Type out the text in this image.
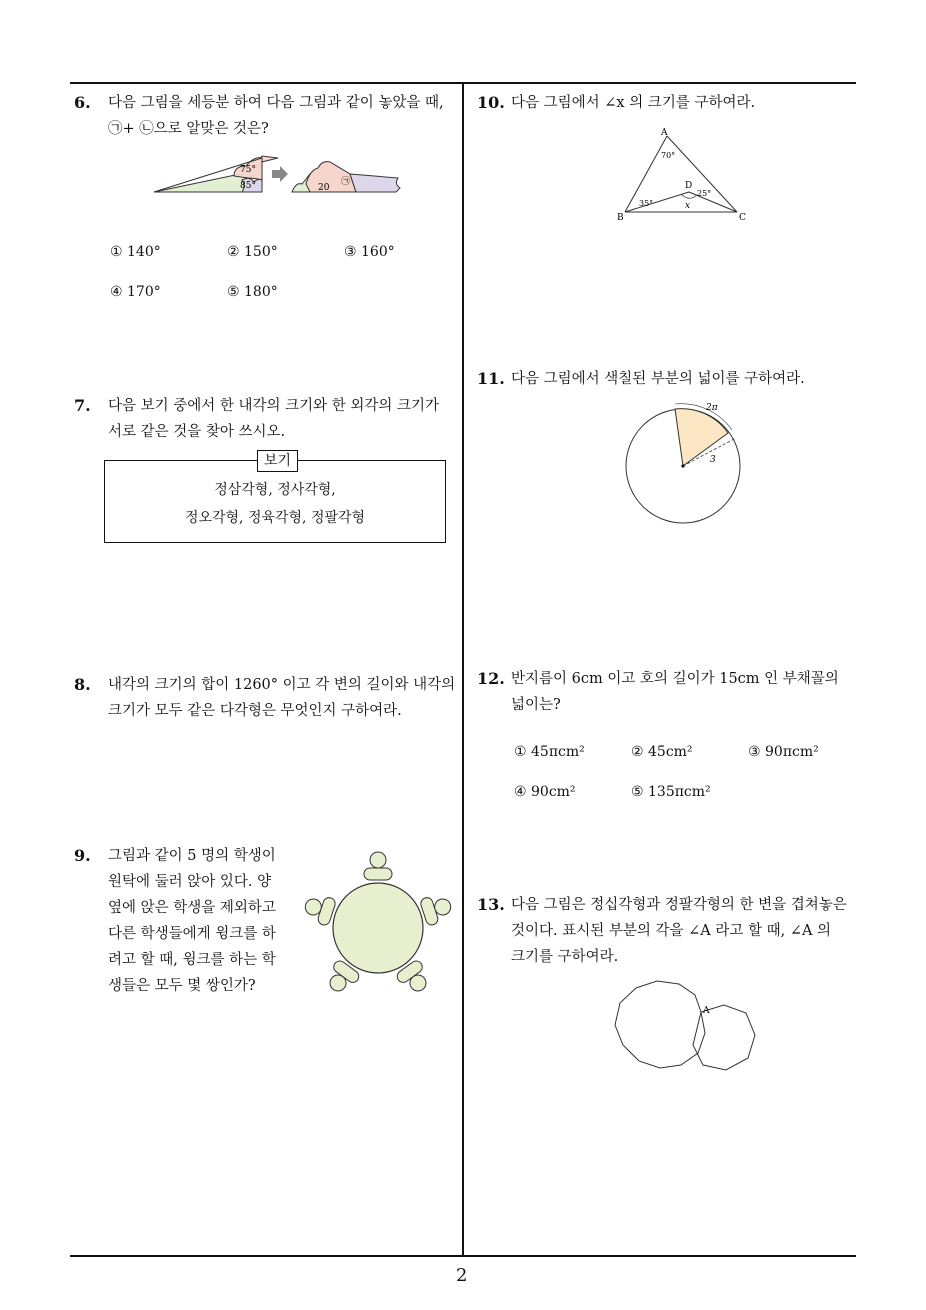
2
6. 다음 그림을 세등분 하여 다음 그림과 같이 놓았을 때,
㉠+ ㉡으로 알맞은 것은?
75°
85°	20
㉠
① 140°	② 150°	③ 160°
④ 170°	⑤ 180°
7. 다음 보기 중에서 한 내각의 크기와 한 외각의 크기가
서로 같은 것을 찾아 쓰시오.
보기
정삼각형, 정사각형,
정오각형, 정육각형, 정팔각형
8. 내각의 크기의 합이 1260° 이고 각 변의 길이와 내각의
크기가 모두 같은 다각형은 무엇인지 구하여라.
9. 그림과 같이 5 명의 학생이
원탁에 둘러 앉아 있다. 양
옆에 앉은 학생을 제외하고
다른 학생들에게 윙크를 하
려고 할 때, 윙크를 하는 학
생들은 모두 몇 쌍인가?
10. 다음 그림에서 ∠x 의 크기를 구하여라.
A
70°
D
25°
35°	x
B	C
11. 다음 그림에서 색칠된 부분의 넓이를 구하여라.
2π
3
12. 반지름이 6cm 이고 호의 길이가 15cm 인 부채꼴의
넓이는?
① 45πcm²	② 45cm²	③ 90πcm²
④ 90cm²	⑤ 135πcm²
13. 다음 그림은 정십각형과 정팔각형의 한 변을 겹쳐놓은
것이다. 표시된 부분의 각을 ∠A 라고 할 때, ∠A 의
크기를 구하여라.
A
